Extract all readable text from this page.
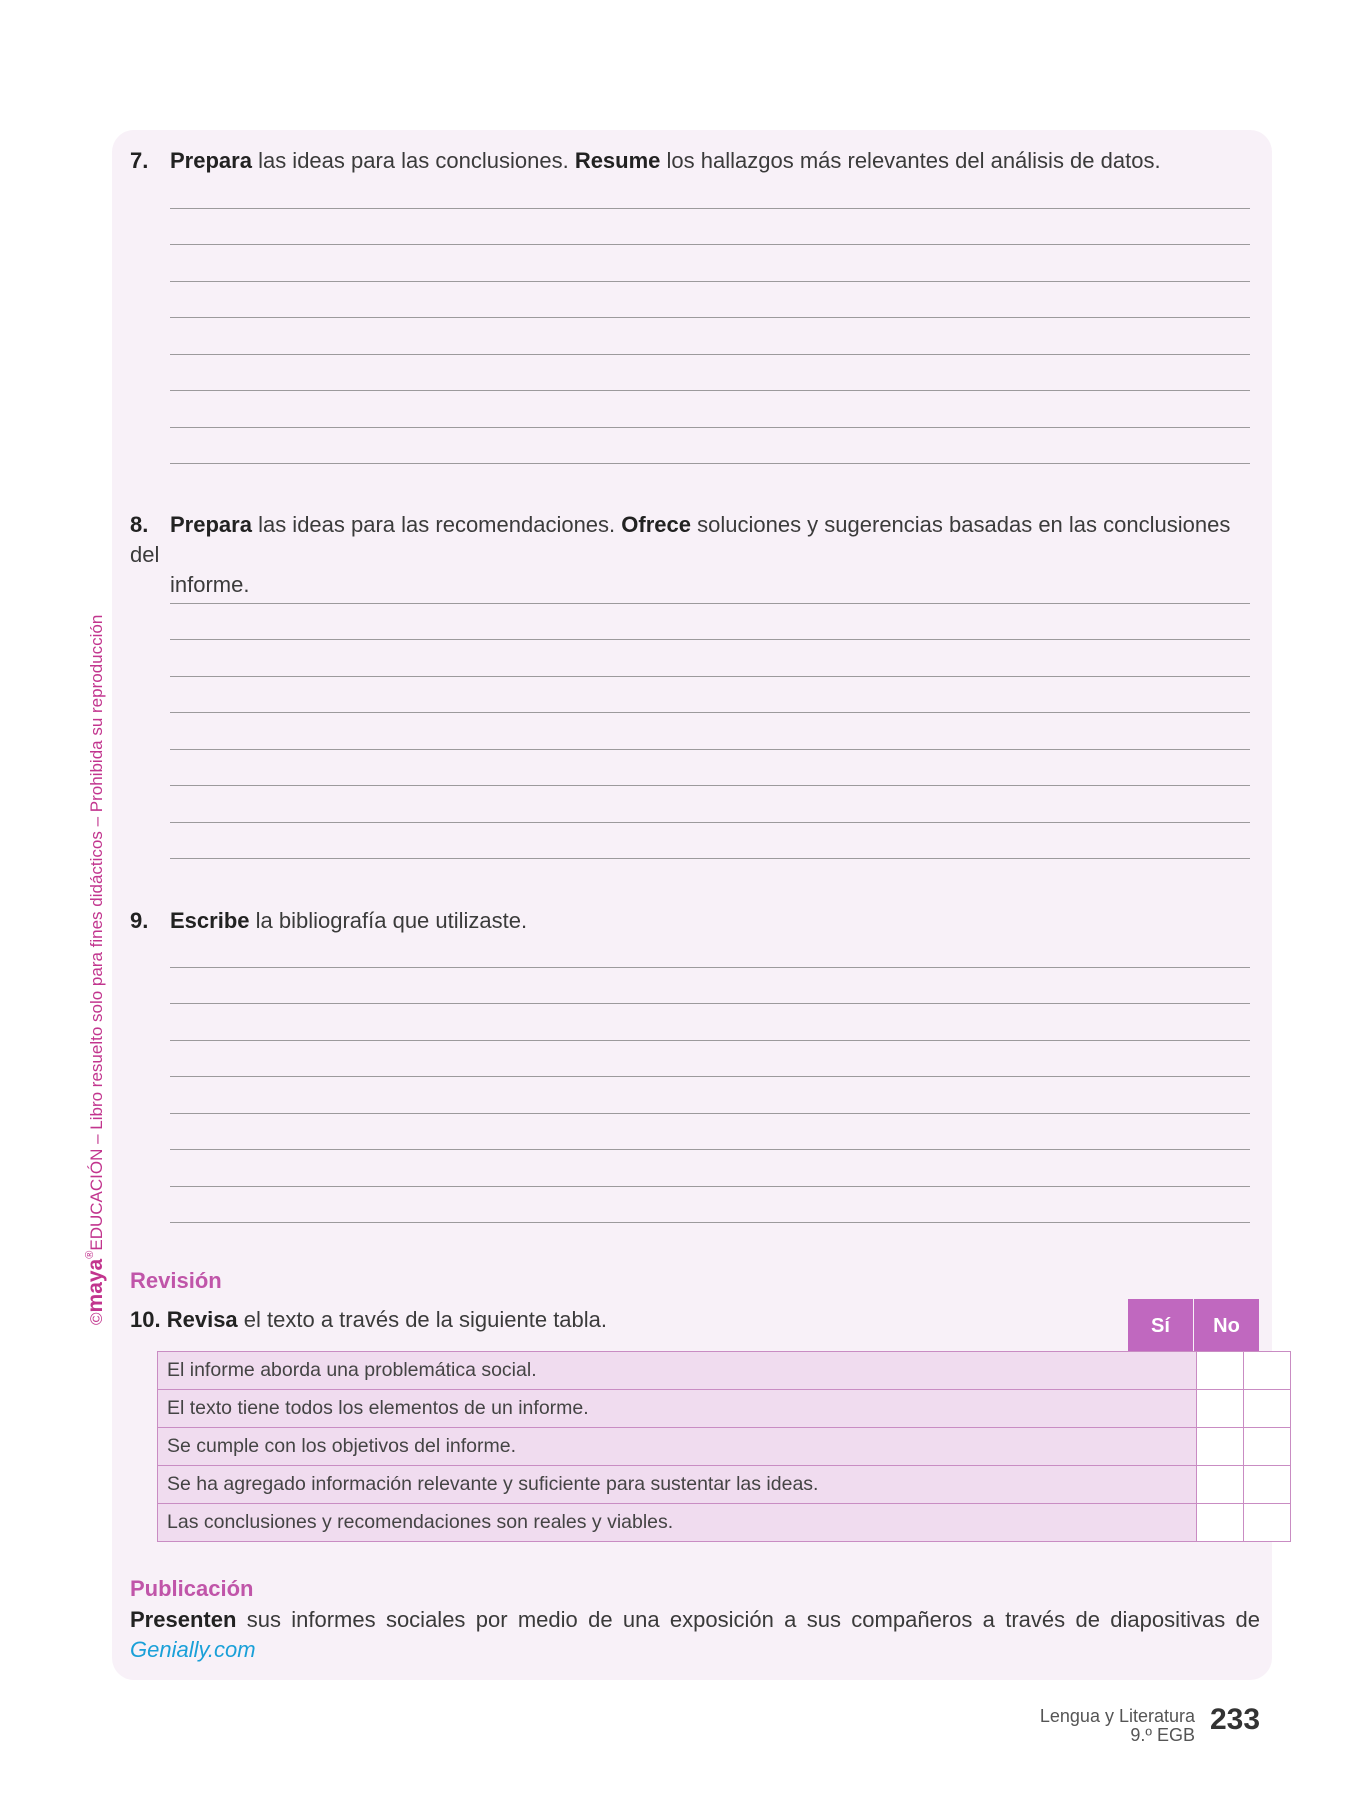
©maya®EDUCACIÓN – Libro resuelto solo para fines didácticos – Prohibida su reproducción
7. Prepara las ideas para las conclusiones. Resume los hallazgos más relevantes del análisis de datos.
8. Prepara las ideas para las recomendaciones. Ofrece soluciones y sugerencias basadas en las conclusiones del
informe.
9. Escribe la bibliografía que utilizaste.
Revisión
10. Revisa el texto a través de la siguiente tabla.	Sí	No
El informe aborda una problemática social.		
El texto tiene todos los elementos de un informe.		
Se cumple con los objetivos del informe.		
Se ha agregado información relevante y suficiente para sustentar las ideas.		
Las conclusiones y recomendaciones son reales y viables.		
Publicación
Presenten sus informes sociales por medio de una exposición a sus compañeros a través de diapositivas de Genially.com
Lengua y Literatura
9.º EGB 233
